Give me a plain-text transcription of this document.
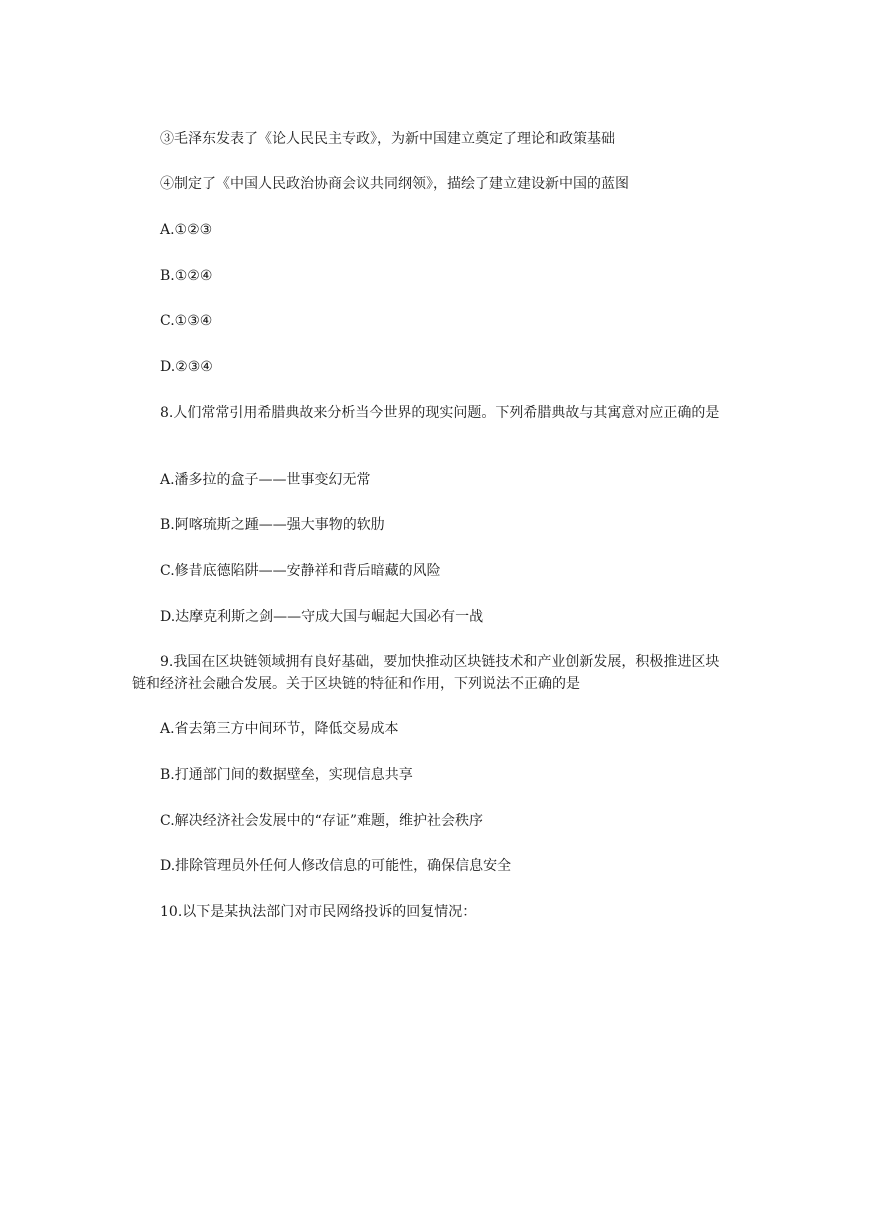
③毛泽东发表了《论人民民主专政》，为新中国建立奠定了理论和政策基础
④制定了《中国人民政治协商会议共同纲领》，描绘了建立建设新中国的蓝图
A.①②③
B.①②④
C.①③④
D.②③④
8.人们常常引用希腊典故来分析当今世界的现实问题。下列希腊典故与其寓意对应正确的是
A.潘多拉的盒子——世事变幻无常
B.阿喀琉斯之踵——强大事物的软肋
C.修昔底德陷阱——安静祥和背后暗藏的风险
D.达摩克利斯之剑——守成大国与崛起大国必有一战
9.我国在区块链领域拥有良好基础，要加快推动区块链技术和产业创新发展，积极推进区块链和经济社会融合发展。关于区块链的特征和作用，下列说法不正确的是
A.省去第三方中间环节，降低交易成本
B.打通部门间的数据壁垒，实现信息共享
C.解决经济社会发展中的“存证”难题，维护社会秩序
D.排除管理员外任何人修改信息的可能性，确保信息安全
10.以下是某执法部门对市民网络投诉的回复情况：
